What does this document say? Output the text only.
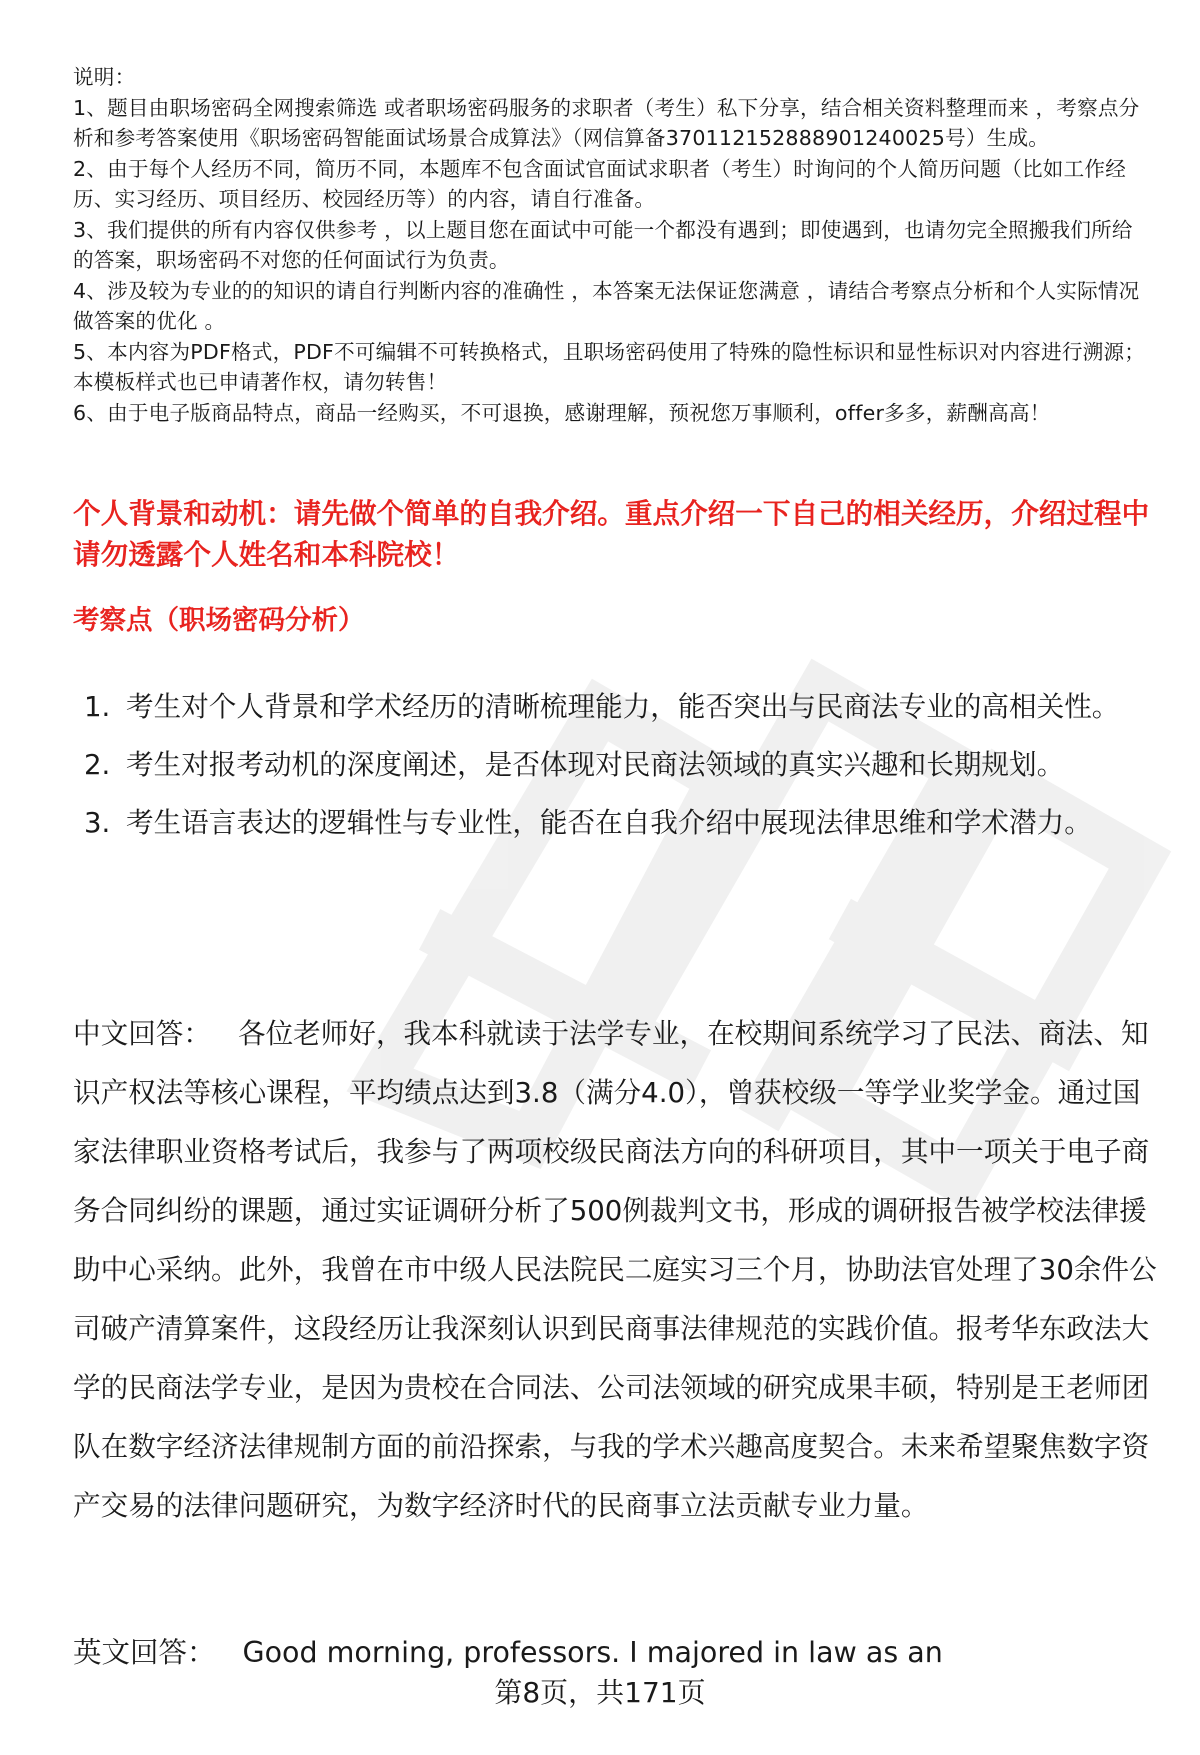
说明：
1、题目由职场密码全网搜索筛选 或者职场密码服务的求职者（考生）私下分享，结合相关资料整理而来 ，考察点分析和参考答案使用《职场密码智能面试场景合成算法》（网信算备370112152888901240025号）生成。
2、由于每个人经历不同，简历不同，本题库不包含面试官面试求职者（考生）时询问的个人简历问题（比如工作经历、实习经历、项目经历、校园经历等）的内容，请自行准备。
3、我们提供的所有内容仅供参考 ，以上题目您在面试中可能一个都没有遇到；即使遇到，也请勿完全照搬我们所给的答案，职场密码不对您的任何面试行为负责。
4、涉及较为专业的的知识的请自行判断内容的准确性 ，本答案无法保证您满意 ，请结合考察点分析和个人实际情况做答案的优化 。
5、本内容为PDF格式，PDF不可编辑不可转换格式，且职场密码使用了特殊的隐性标识和显性标识对内容进行溯源；本模板样式也已申请著作权，请勿转售！
6、由于电子版商品特点，商品一经购买，不可退换，感谢理解，预祝您万事顺利，offer多多，薪酬高高！
个人背景和动机：请先做个简单的自我介绍。重点介绍一下自己的相关经历，介绍过程中请勿透露个人姓名和本科院校！
考察点（职场密码分析）
1. 考生对个人背景和学术经历的清晰梳理能力，能否突出与民商法专业的高相关性。
2. 考生对报考动机的深度阐述，是否体现对民商法领域的真实兴趣和长期规划。
3. 考生语言表达的逻辑性与专业性，能否在自我介绍中展现法律思维和学术潜力。
中文回答： 各位老师好，我本科就读于法学专业，在校期间系统学习了民法、商法、知识产权法等核心课程，平均绩点达到3.8（满分4.0），曾获校级一等学业奖学金。通过国家法律职业资格考试后，我参与了两项校级民商法方向的科研项目，其中一项关于电子商务合同纠纷的课题，通过实证调研分析了500例裁判文书，形成的调研报告被学校法律援助中心采纳。此外，我曾在市中级人民法院民二庭实习三个月，协助法官处理了30余件公司破产清算案件，这段经历让我深刻认识到民商事法律规范的实践价值。报考华东政法大学的民商法学专业，是因为贵校在合同法、公司法领域的研究成果丰硕，特别是王老师团队在数字经济法律规制方面的前沿探索，与我的学术兴趣高度契合。未来希望聚焦数字资产交易的法律问题研究，为数字经济时代的民商事立法贡献专业力量。
英文回答： Good morning, professors. I majored in law as an
第8页，共171页
